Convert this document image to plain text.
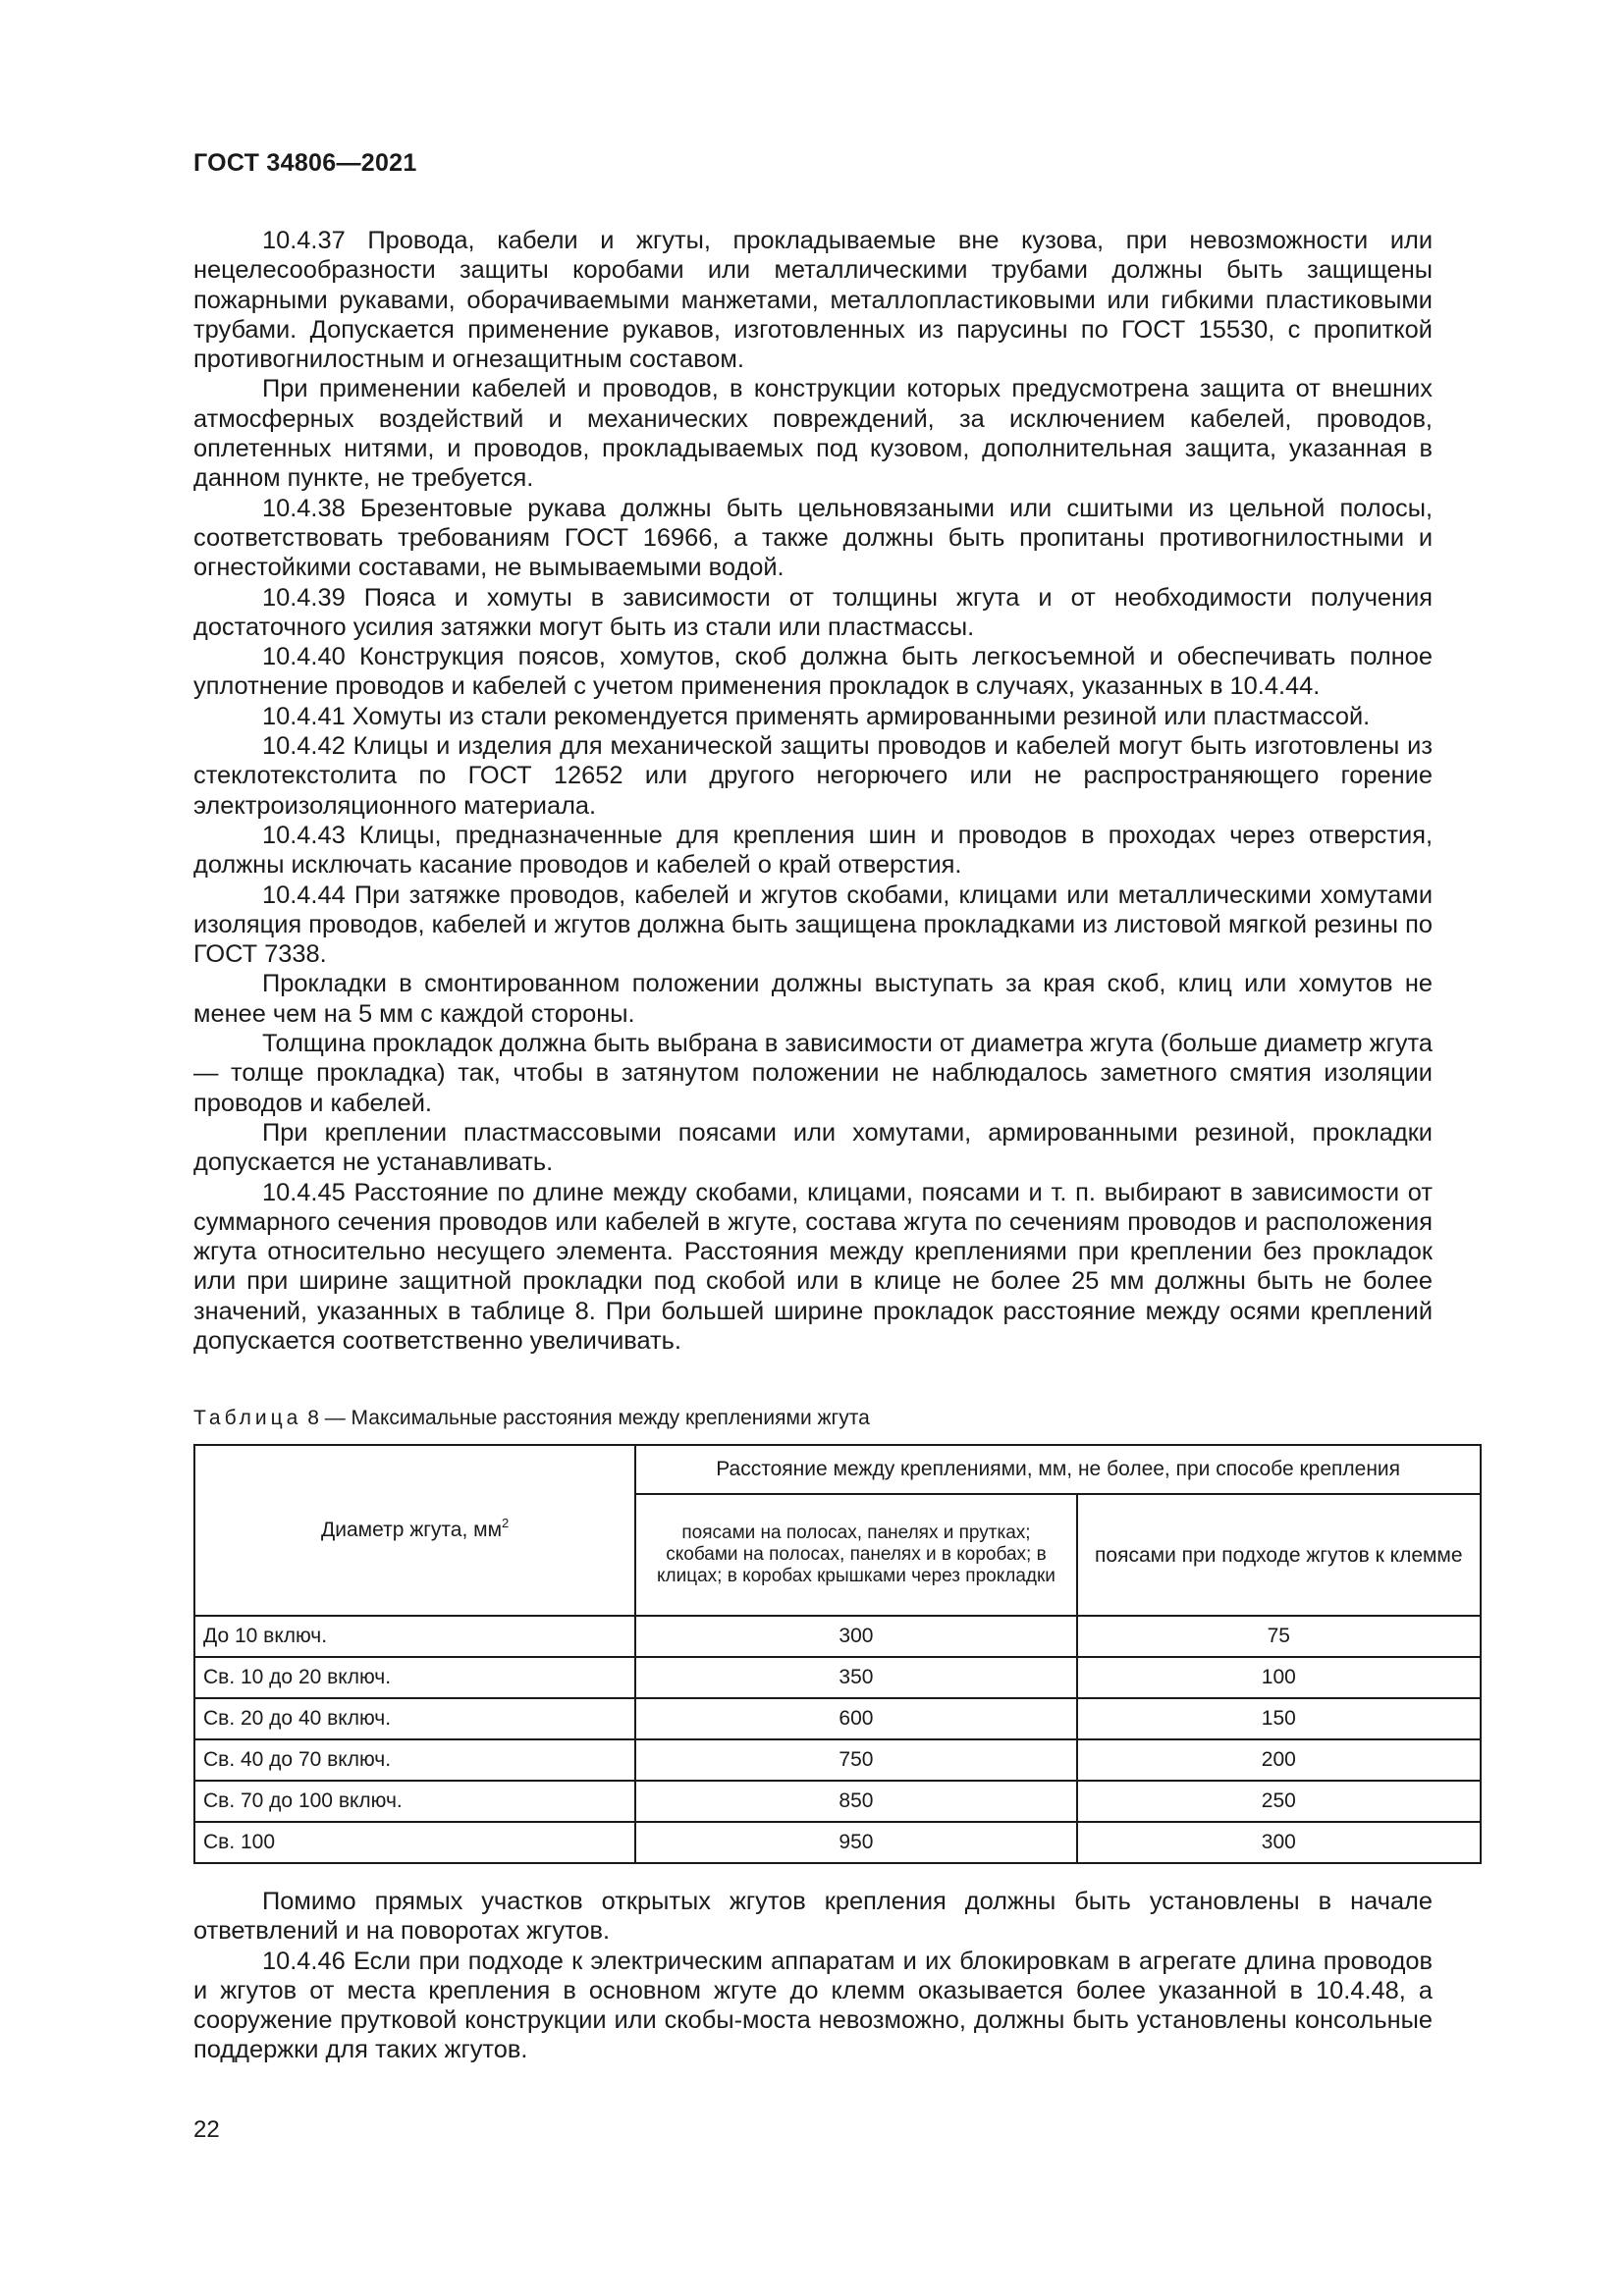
ГОСТ 34806—2021

10.4.37 Провода, кабели и жгуты, прокладываемые вне кузова, при невозможности или нецелесообразности защиты коробами или металлическими трубами должны быть защищены пожарными рукавами, оборачиваемыми манжетами, металлопластиковыми или гибкими пластиковыми трубами. Допускается применение рукавов, изготовленных из парусины по ГОСТ 15530, с пропиткой противогнилостным и огнезащитным составом.

При применении кабелей и проводов, в конструкции которых предусмотрена защита от внешних атмосферных воздействий и механических повреждений, за исключением кабелей, проводов, оплетенных нитями, и проводов, прокладываемых под кузовом, дополнительная защита, указанная в данном пункте, не требуется.

10.4.38 Брезентовые рукава должны быть цельновязаными или сшитыми из цельной полосы, соответствовать требованиям ГОСТ 16966, а также должны быть пропитаны противогнилостными и огнестойкими составами, не вымываемыми водой.

10.4.39 Пояса и хомуты в зависимости от толщины жгута и от необходимости получения достаточного усилия затяжки могут быть из стали или пластмассы.

10.4.40 Конструкция поясов, хомутов, скоб должна быть легкосъемной и обеспечивать полное уплотнение проводов и кабелей с учетом применения прокладок в случаях, указанных в 10.4.44.

10.4.41 Хомуты из стали рекомендуется применять армированными резиной или пластмассой.

10.4.42 Клицы и изделия для механической защиты проводов и кабелей могут быть изготовлены из стеклотекстолита по ГОСТ 12652 или другого негорючего или не распространяющего горение электроизоляционного материала.

10.4.43 Клицы, предназначенные для крепления шин и проводов в проходах через отверстия, должны исключать касание проводов и кабелей о край отверстия.

10.4.44 При затяжке проводов, кабелей и жгутов скобами, клицами или металлическими хомутами изоляция проводов, кабелей и жгутов должна быть защищена прокладками из листовой мягкой резины по ГОСТ 7338.

Прокладки в смонтированном положении должны выступать за края скоб, клиц или хомутов не менее чем на 5 мм с каждой стороны.

Толщина прокладок должна быть выбрана в зависимости от диаметра жгута (больше диаметр жгута — толще прокладка) так, чтобы в затянутом положении не наблюдалось заметного смятия изоляции проводов и кабелей.

При креплении пластмассовыми поясами или хомутами, армированными резиной, прокладки допускается не устанавливать.

10.4.45 Расстояние по длине между скобами, клицами, поясами и т. п. выбирают в зависимости от суммарного сечения проводов или кабелей в жгуте, состава жгута по сечениям проводов и расположения жгута относительно несущего элемента. Расстояния между креплениями при креплении без прокладок или при ширине защитной прокладки под скобой или в клице не более 25 мм должны быть не более значений, указанных в таблице 8. При большей ширине прокладок расстояние между осями креплений допускается соответственно увеличивать.

Таблица 8 — Максимальные расстояния между креплениями жгута
Диаметр жгута, $мм^2$	Расстояние между креплениями, мм, не более, при способе крепления	
	поясами на полосах, панелях и прутках; скобами на полосах, панелях и в коробах; в клицах; в коробах крышками через прокладки	поясами при подходе жгутов к клемме
До 10 включ.	300	75
Св. 10 до 20 включ.	350	100
Св. 20 до 40 включ.	600	150
Св. 40 до 70 включ.	750	200
Св. 70 до 100 включ.	850	250
Св. 100	950	300

Помимо прямых участков открытых жгутов крепления должны быть установлены в начале ответвлений и на поворотах жгутов.

10.4.46 Если при подходе к электрическим аппаратам и их блокировкам в агрегате длина проводов и жгутов от места крепления в основном жгуте до клемм оказывается более указанной в 10.4.48, а сооружение прутковой конструкции или скобы-моста невозможно, должны быть установлены консольные поддержки для таких жгутов.

22
